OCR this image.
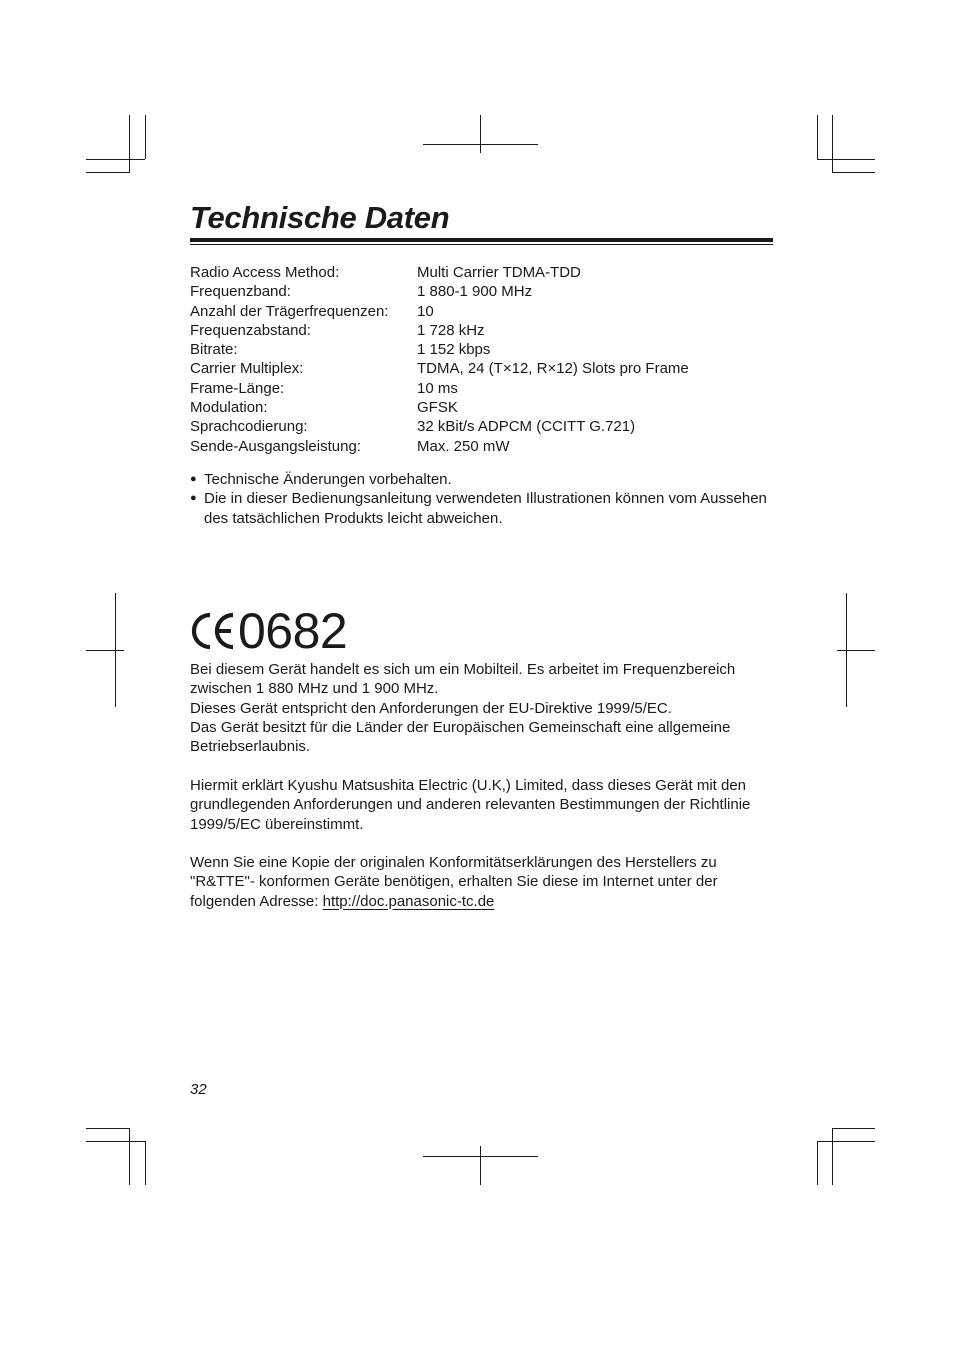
Technische Daten
Radio Access Method:	Multi Carrier TDMA-TDD
Frequenzband:	1 880-1 900 MHz
Anzahl der Trägerfrequenzen:	10
Frequenzabstand:	1 728 kHz
Bitrate:	1 152 kbps
Carrier Multiplex:	TDMA, 24 (T×12, R×12) Slots pro Frame
Frame-Länge:	10 ms
Modulation:	GFSK
Sprachcodierung:	32 kBit/s ADPCM (CCITT G.721)
Sende-Ausgangsleistung:	Max. 250 mW
● Technische Änderungen vorbehalten.
● Die in dieser Bedienungsanleitung verwendeten Illustrationen können vom Aussehen des tatsächlichen Produkts leicht abweichen.
0682
Bei diesem Gerät handelt es sich um ein Mobilteil. Es arbeitet im Frequenzbereich zwischen 1 880 MHz und 1 900 MHz.
Dieses Gerät entspricht den Anforderungen der EU-Direktive 1999/5/EC.
Das Gerät besitzt für die Länder der Europäischen Gemeinschaft eine allgemeine Betriebserlaubnis.

Hiermit erklärt Kyushu Matsushita Electric (U.K,) Limited, dass dieses Gerät mit den grundlegenden Anforderungen und anderen relevanten Bestimmungen der Richtlinie 1999/5/EC übereinstimmt.

Wenn Sie eine Kopie der originalen Konformitätserklärungen des Herstellers zu "R&TTE"- konformen Geräte benötigen, erhalten Sie diese im Internet unter der folgenden Adresse: http://doc.panasonic-tc.de

32
